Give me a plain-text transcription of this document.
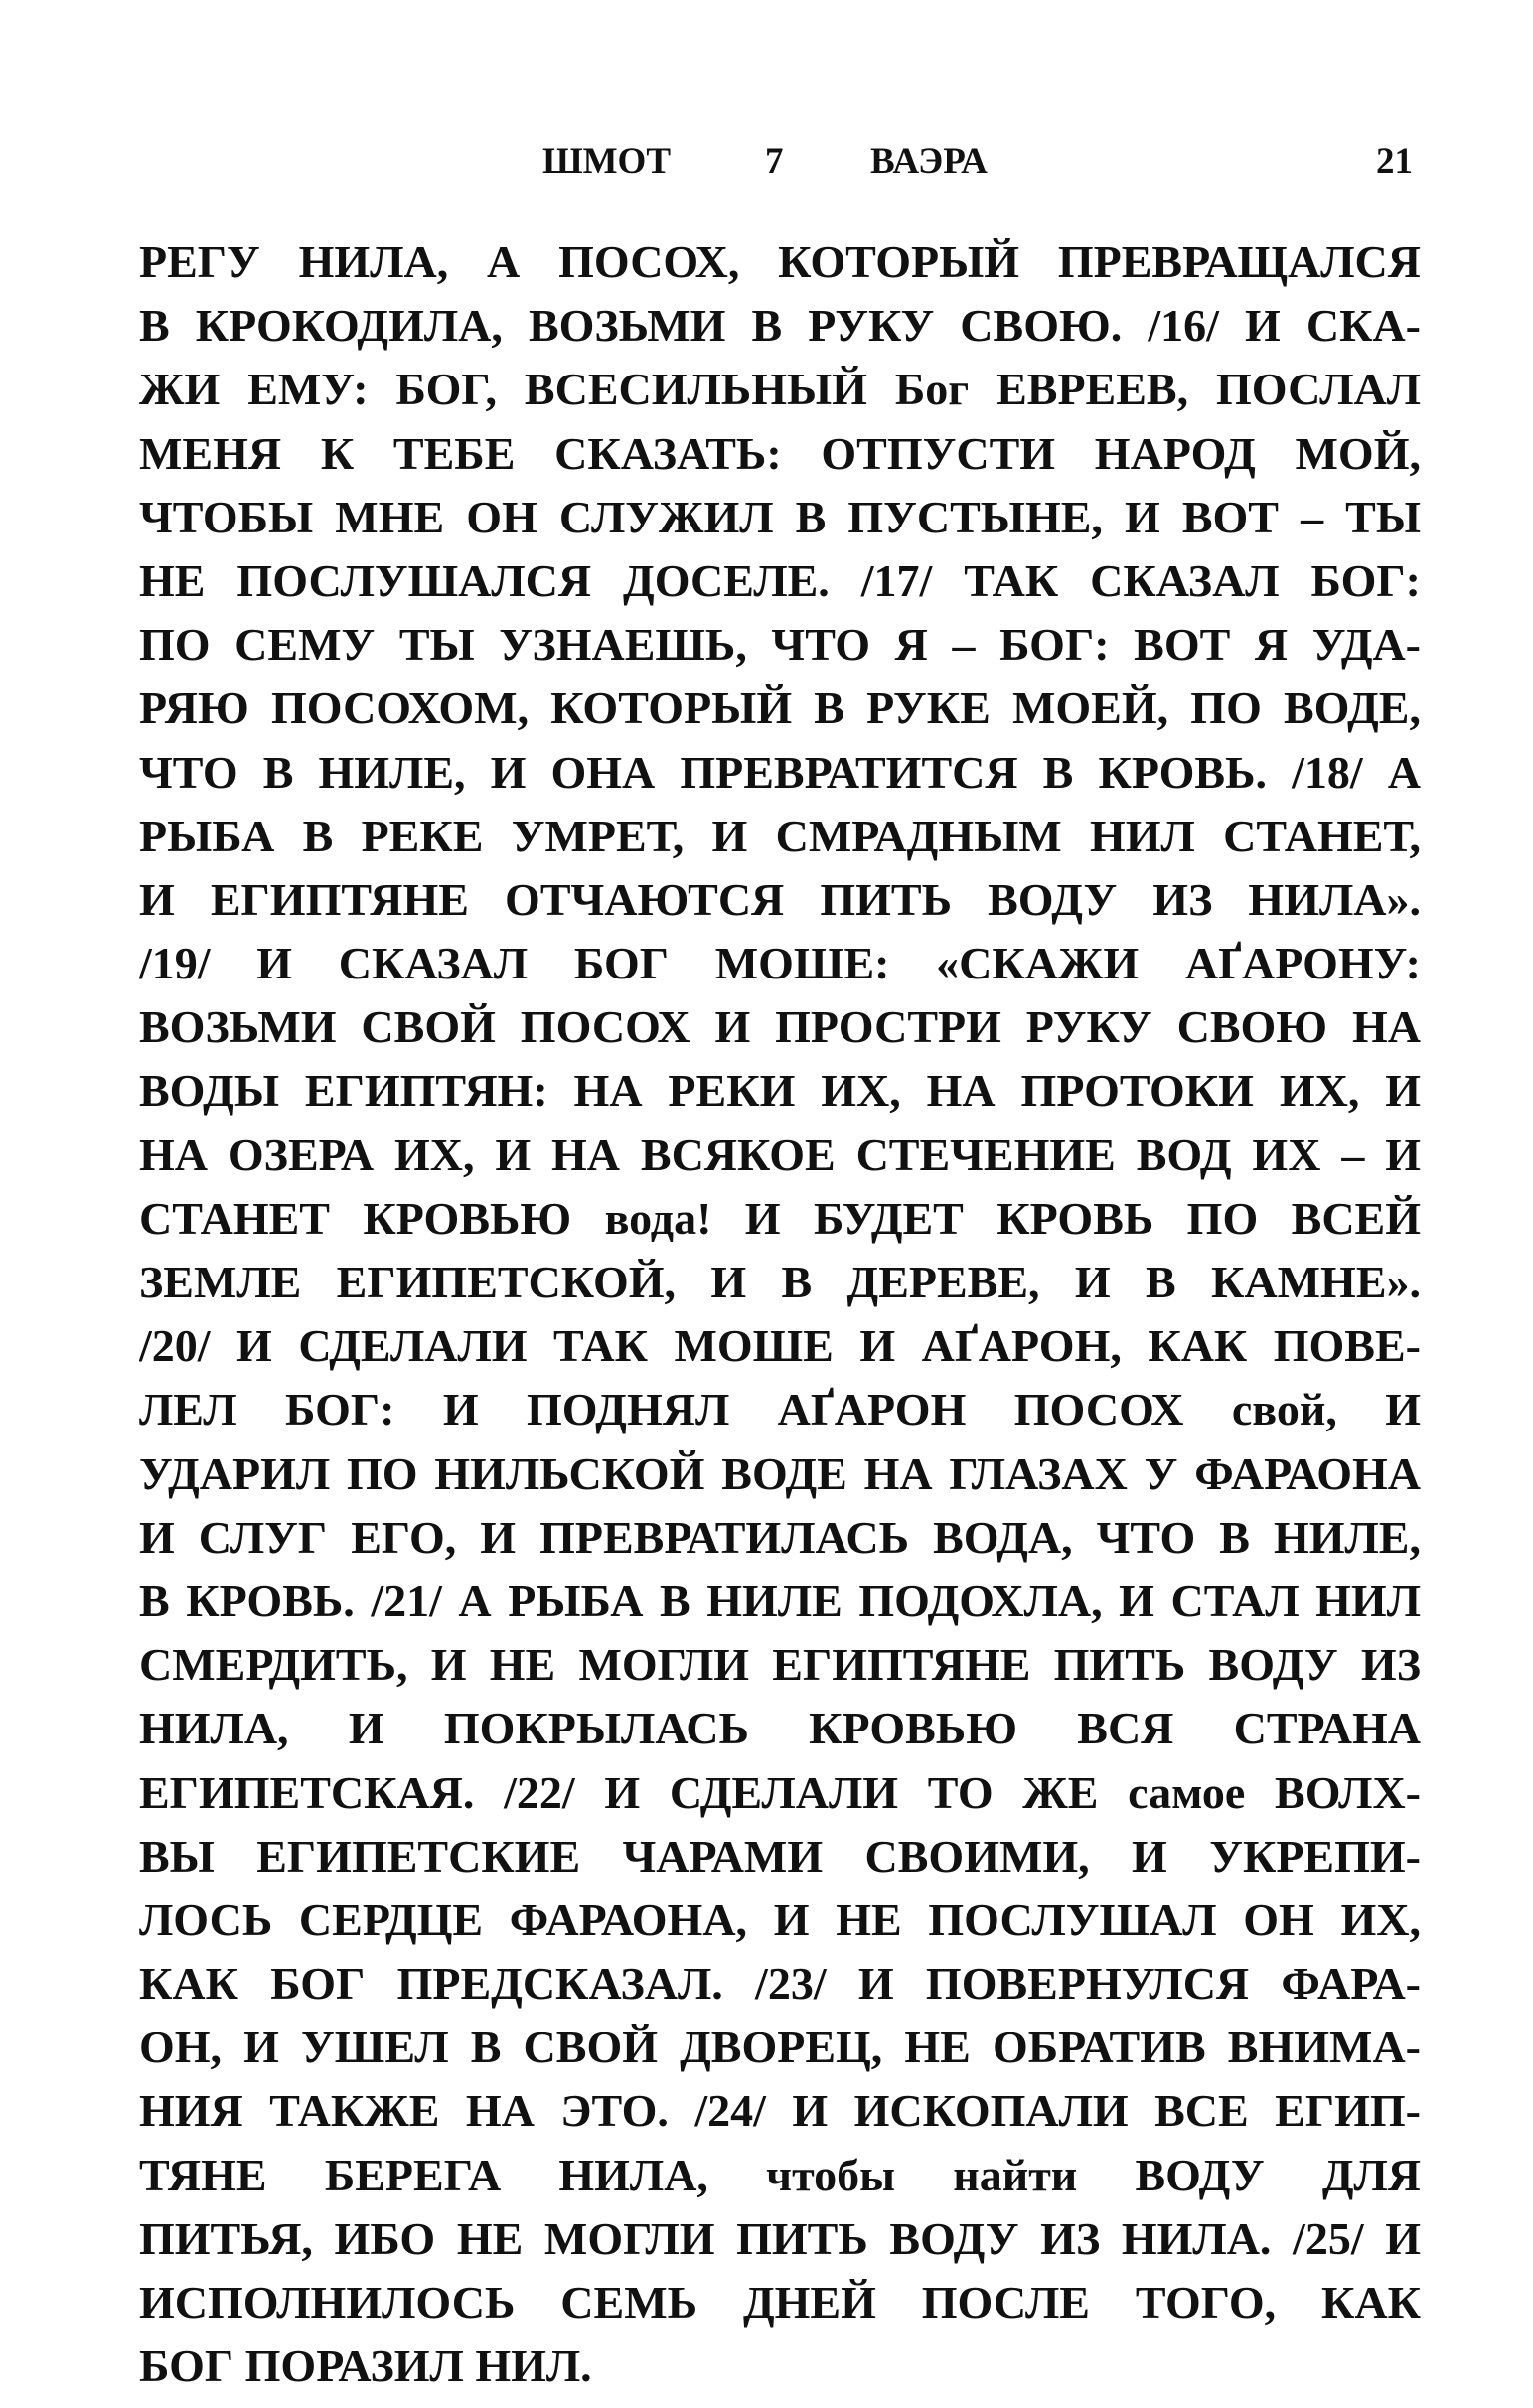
ШМОТ	7 ВАЭРА	21
РЕГУ НИЛА, А ПОСОХ, КОТОРЫЙ ПРЕВРАЩАЛСЯ
В КРОКОДИЛА, ВОЗЬМИ В РУКУ СВОЮ. /16/ И СКА-
ЖИ ЕМУ: БОГ, ВСЕСИЛЬНЫЙ Бог ЕВРЕЕВ, ПОСЛАЛ
МЕНЯ К ТЕБЕ СКАЗАТЬ: ОТПУСТИ НАРОД МОЙ,
ЧТОБЫ МНЕ ОН СЛУЖИЛ В ПУСТЫНЕ, И ВОТ – ТЫ
НЕ ПОСЛУШАЛСЯ ДОСЕЛЕ. /17/ ТАК СКАЗАЛ БОГ:
ПО СЕМУ ТЫ УЗНАЕШЬ, ЧТО Я – БОГ: ВОТ Я УДА-
РЯЮ ПОСОХОМ, КОТОРЫЙ В РУКЕ МОЕЙ, ПО ВОДЕ,
ЧТО В НИЛЕ, И ОНА ПРЕВРАТИТСЯ В КРОВЬ. /18/ А
РЫБА В РЕКЕ УМРЕТ, И СМРАДНЫМ НИЛ СТАНЕТ,
И ЕГИПТЯНЕ ОТЧАЮТСЯ ПИТЬ ВОДУ ИЗ НИЛА».
/19/ И СКАЗАЛ БОГ МОШЕ: «СКАЖИ АҐАРОНУ:
ВОЗЬМИ СВОЙ ПОСОХ И ПРОСТРИ РУКУ СВОЮ НА
ВОДЫ ЕГИПТЯН: НА РЕКИ ИХ, НА ПРОТОКИ ИХ, И
НА ОЗЕРА ИХ, И НА ВСЯКОЕ СТЕЧЕНИЕ ВОД ИХ – И
СТАНЕТ КРОВЬЮ вода! И БУДЕТ КРОВЬ ПО ВСЕЙ
ЗЕМЛЕ ЕГИПЕТСКОЙ, И В ДЕРЕВЕ, И В КАМНЕ».
/20/ И СДЕЛАЛИ ТАК МОШЕ И АҐАРОН, КАК ПОВЕ-
ЛЕЛ БОГ: И ПОДНЯЛ АҐАРОН ПОСОХ свой, И
УДАРИЛ ПО НИЛЬСКОЙ ВОДЕ НА ГЛАЗАХ У ФАРАОНА
И СЛУГ ЕГО, И ПРЕВРАТИЛАСЬ ВОДА, ЧТО В НИЛЕ,
В КРОВЬ. /21/ А РЫБА В НИЛЕ ПОДОХЛА, И СТАЛ НИЛ
СМЕРДИТЬ, И НЕ МОГЛИ ЕГИПТЯНЕ ПИТЬ ВОДУ ИЗ
НИЛА, И ПОКРЫЛАСЬ КРОВЬЮ ВСЯ СТРАНА
ЕГИПЕТСКАЯ. /22/ И СДЕЛАЛИ ТО ЖЕ самое ВОЛХ-
ВЫ ЕГИПЕТСКИЕ ЧАРАМИ СВОИМИ, И УКРЕПИ-
ЛОСЬ СЕРДЦЕ ФАРАОНА, И НЕ ПОСЛУШАЛ ОН ИХ,
КАК БОГ ПРЕДСКАЗАЛ. /23/ И ПОВЕРНУЛСЯ ФАРА-
ОН, И УШЕЛ В СВОЙ ДВОРЕЦ, НЕ ОБРАТИВ ВНИМА-
НИЯ ТАКЖЕ НА ЭТО. /24/ И ИСКОПАЛИ ВСЕ ЕГИП-
ТЯНЕ БЕРЕГА НИЛА, чтобы найти ВОДУ ДЛЯ
ПИТЬЯ, ИБО НЕ МОГЛИ ПИТЬ ВОДУ ИЗ НИЛА. /25/ И
ИСПОЛНИЛОСЬ СЕМЬ ДНЕЙ ПОСЛЕ ТОГО, КАК
БОГ ПОРАЗИЛ НИЛ.
